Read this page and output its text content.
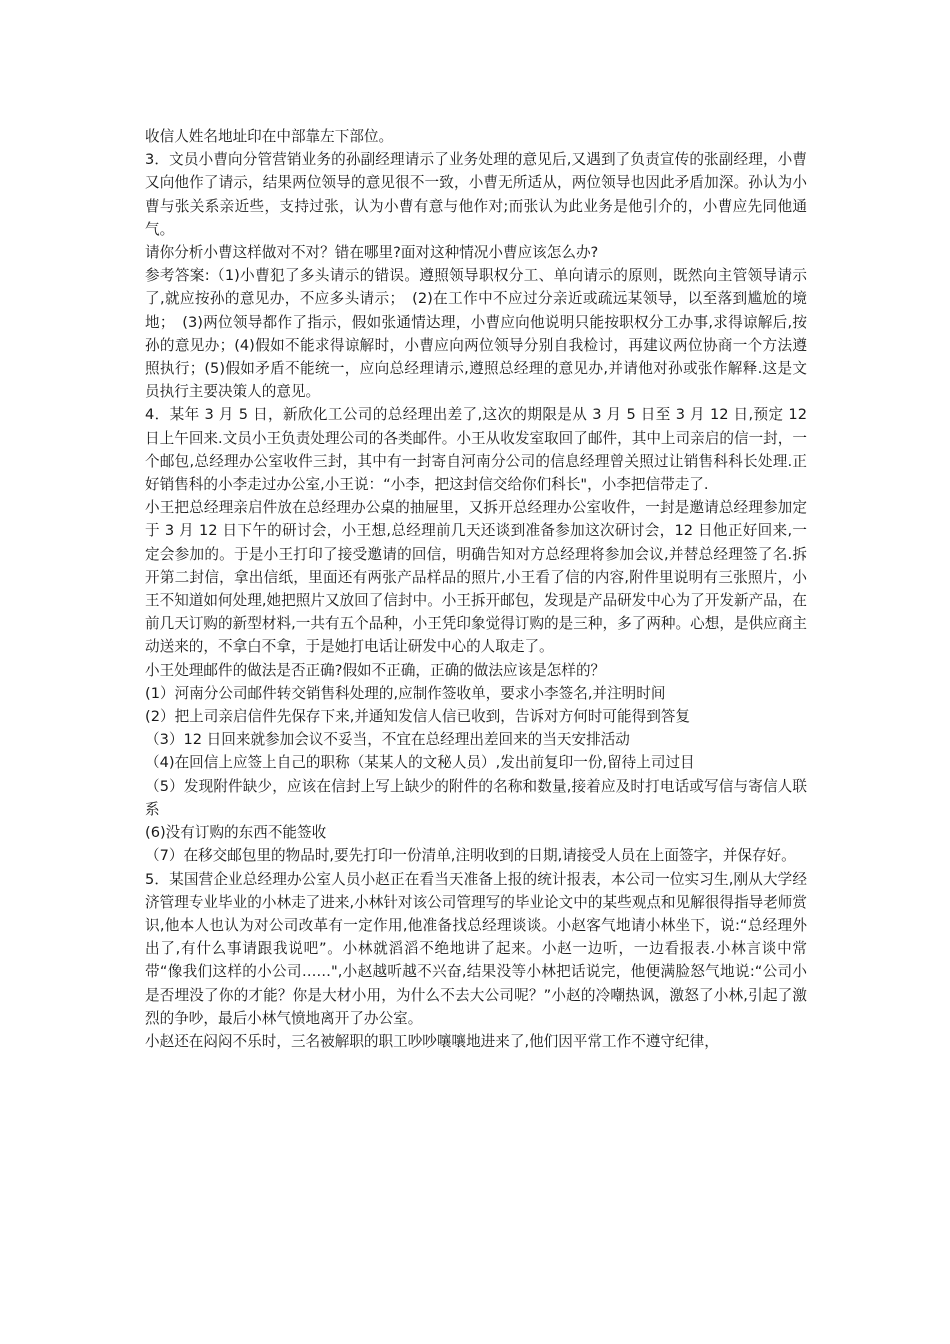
收信人姓名地址印在中部靠左下部位。

3．文员小曹向分管营销业务的孙副经理请示了业务处理的意见后,又遇到了负责宣传的张副经理，小曹又向他作了请示，结果两位领导的意见很不一致，小曹无所适从，两位领导也因此矛盾加深。孙认为小曹与张关系亲近些，支持过张，认为小曹有意与他作对;而张认为此业务是他引介的，小曹应先同他通气。

请你分析小曹这样做对不对？错在哪里?面对这种情况小曹应该怎么办?

参考答案:（1)小曹犯了多头请示的错误。遵照领导职权分工、单向请示的原则，既然向主管领导请示了,就应按孙的意见办，不应多头请示；　(2)在工作中不应过分亲近或疏远某领导，以至落到尴尬的境地；　(3)两位领导都作了指示，假如张通情达理，小曹应向他说明只能按职权分工办事,求得谅解后,按孙的意见办；(4)假如不能求得谅解时，小曹应向两位领导分别自我检讨，再建议两位协商一个方法遵照执行；(5)假如矛盾不能统一，应向总经理请示,遵照总经理的意见办,并请他对孙或张作解释.这是文员执行主要决策人的意见。

4．某年 3 月 5 日，新欣化工公司的总经理出差了,这次的期限是从 3 月 5 日至 3 月 12 日,预定 12 日上午回来.文员小王负责处理公司的各类邮件。小王从收发室取回了邮件，其中上司亲启的信一封，一个邮包,总经理办公室收件三封，其中有一封寄自河南分公司的信息经理曾关照过让销售科科长处理.正好销售科的小李走过办公室,小王说：“小李，把这封信交给你们科长"，小李把信带走了.

小王把总经理亲启件放在总经理办公桌的抽屉里，又拆开总经理办公室收件，一封是邀请总经理参加定于 3 月 12 日下午的研讨会，小王想,总经理前几天还谈到准备参加这次研讨会，12 日他正好回来,一定会参加的。于是小王打印了接受邀请的回信，明确告知对方总经理将参加会议,并替总经理签了名.拆开第二封信，拿出信纸，里面还有两张产品样品的照片,小王看了信的内容,附件里说明有三张照片，小王不知道如何处理,她把照片又放回了信封中。小王拆开邮包，发现是产品研发中心为了开发新产品，在前几天订购的新型材料,一共有五个品种，小王凭印象觉得订购的是三种，多了两种。心想，是供应商主动送来的，不拿白不拿，于是她打电话让研发中心的人取走了。

小王处理邮件的做法是否正确?假如不正确，正确的做法应该是怎样的？

(1）河南分公司邮件转交销售科处理的,应制作签收单，要求小李签名,并注明时间

(2）把上司亲启信件先保存下来,并通知发信人信已收到，告诉对方何时可能得到答复

（3）12 日回来就参加会议不妥当，不宜在总经理出差回来的当天安排活动

（4)在回信上应签上自己的职称（某某人的文秘人员）,发出前复印一份,留待上司过目

（5）发现附件缺少，应该在信封上写上缺少的附件的名称和数量,接着应及时打电话或写信与寄信人联系

(6)没有订购的东西不能签收

（7）在移交邮包里的物品时,要先打印一份清单,注明收到的日期,请接受人员在上面签字，并保存好。

5．某国营企业总经理办公室人员小赵正在看当天准备上报的统计报表，本公司一位实习生,刚从大学经济管理专业毕业的小林走了进来,小林针对该公司管理写的毕业论文中的某些观点和见解很得指导老师赏识,他本人也认为对公司改革有一定作用,他准备找总经理谈谈。小赵客气地请小林坐下，说:“总经理外出了,有什么事请跟我说吧”。小林就滔滔不绝地讲了起来。小赵一边听，一边看报表.小林言谈中常带“像我们这样的小公司……",小赵越听越不兴奋,结果没等小林把话说完，他便满脸怒气地说:“公司小是否埋没了你的才能？你是大材小用，为什么不去大公司呢？”小赵的冷嘲热讽，激怒了小林,引起了激烈的争吵，最后小林气愤地离开了办公室。

小赵还在闷闷不乐时，三名被解职的职工吵吵嚷嚷地进来了,他们因平常工作不遵守纪律，
